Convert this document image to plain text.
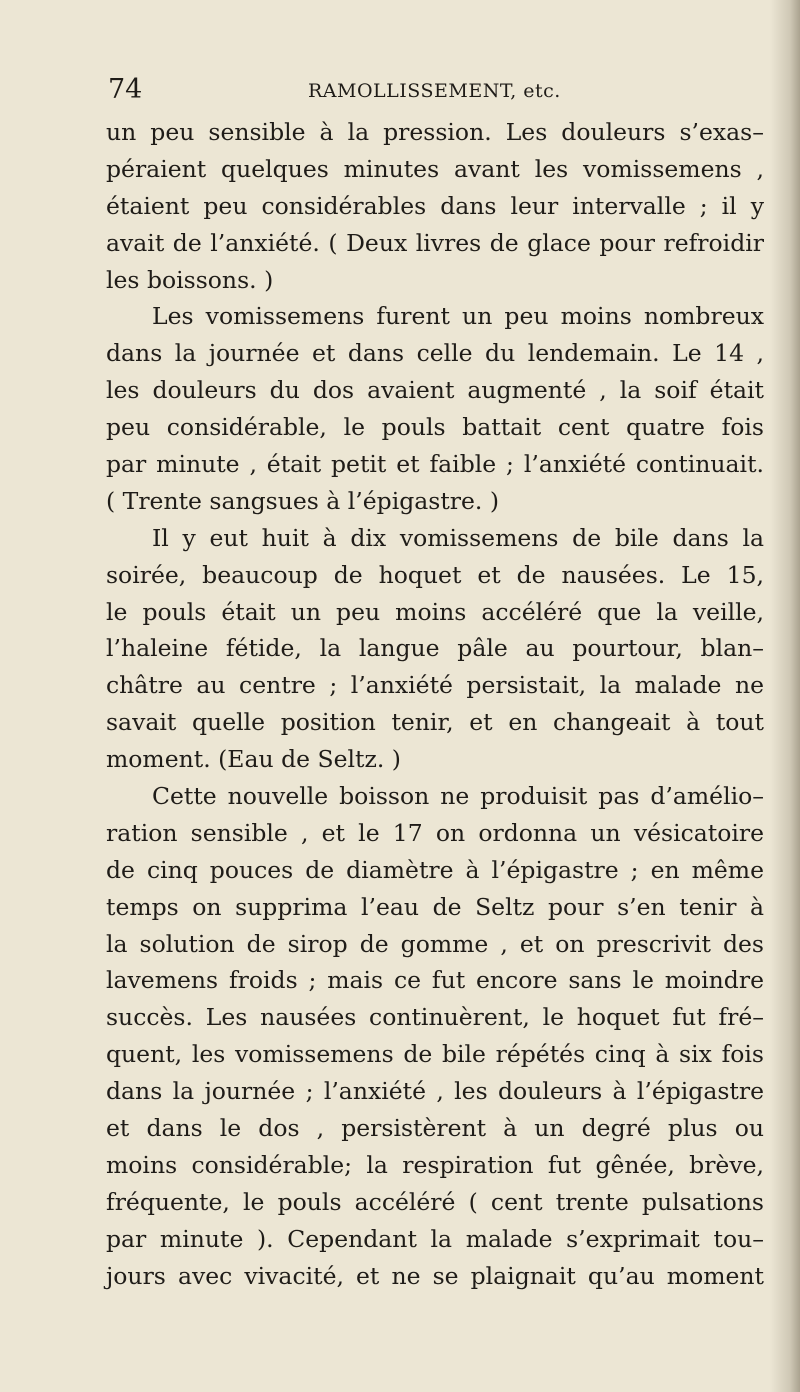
74	RAMOLLISSEMENT, etc.
un peu sensible à la pression. Les douleurs s’exas–
péraient quelques minutes avant les vomissemens ,
étaient peu considérables dans leur intervalle ; il y
avait de l’anxiété. ( Deux livres de glace pour refroidir
les boissons. )
Les vomissemens furent un peu moins nombreux
dans la journée et dans celle du lendemain. Le 14 ,
les douleurs du dos avaient augmenté , la soif était
peu considérable, le pouls battait cent quatre fois
par minute , était petit et faible ; l’anxiété continuait.
( Trente sangsues à l’épigastre. )
Il y eut huit à dix vomissemens de bile dans la
soirée, beaucoup de hoquet et de nausées. Le 15,
le pouls était un peu moins accéléré que la veille,
l’haleine fétide, la langue pâle au pourtour, blan–
châtre au centre ; l’anxiété persistait, la malade ne
savait quelle position tenir, et en changeait à tout
moment. (Eau de Seltz. )
Cette nouvelle boisson ne produisit pas d’amélio–
ration sensible , et le 17 on ordonna un vésicatoire
de cinq pouces de diamètre à l’épigastre ; en même
temps on supprima l’eau de Seltz pour s’en tenir à
la solution de sirop de gomme , et on prescrivit des
lavemens froids ; mais ce fut encore sans le moindre
succès. Les nausées continuèrent, le hoquet fut fré–
quent, les vomissemens de bile répétés cinq à six fois
dans la journée ; l’anxiété , les douleurs à l’épigastre
et dans le dos , persistèrent à un degré plus ou
moins considérable; la respiration fut gênée, brève,
fréquente, le pouls accéléré ( cent trente pulsations
par minute ). Cependant la malade s’exprimait tou–
jours avec vivacité, et ne se plaignait qu’au moment
